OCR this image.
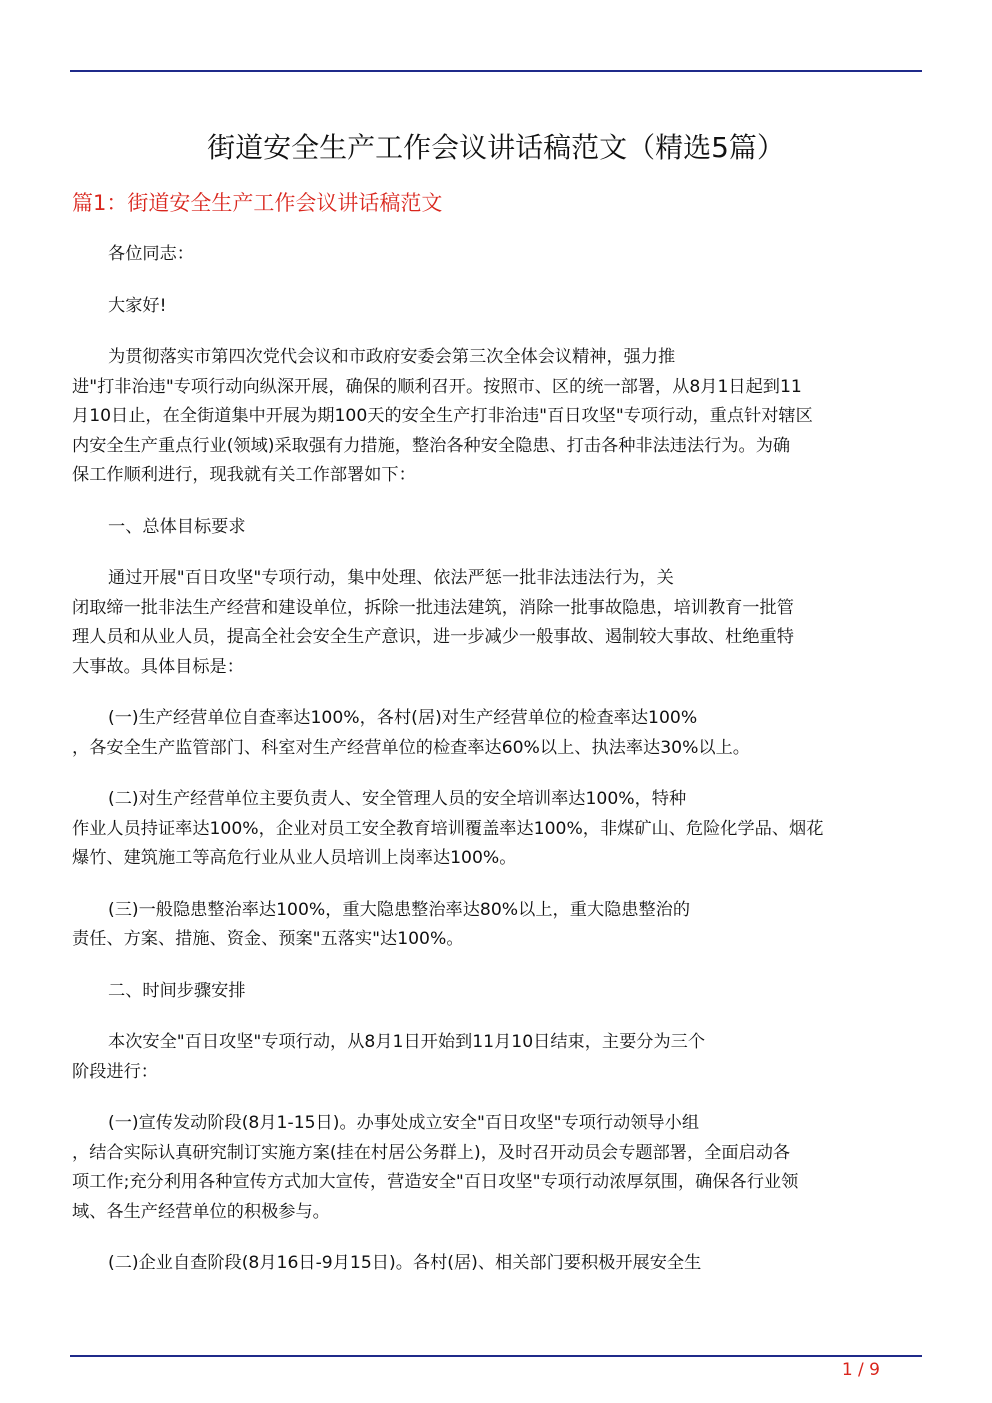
街道安全生产工作会议讲话稿范文（精选5篇）
篇1：街道安全生产工作会议讲话稿范文

各位同志：

大家好!

为贯彻落实市第四次党代会议和市政府安委会第三次全体会议精神，强力推
进"打非治违"专项行动向纵深开展，确保的顺利召开。按照市、区的统一部署，从8月1日起到11
月10日止，在全街道集中开展为期100天的安全生产打非治违"百日攻坚"专项行动，重点针对辖区
内安全生产重点行业(领域)采取强有力措施，整治各种安全隐患、打击各种非法违法行为。为确
保工作顺利进行，现我就有关工作部署如下：

一、总体目标要求

通过开展"百日攻坚"专项行动，集中处理、依法严惩一批非法违法行为，关
闭取缔一批非法生产经营和建设单位，拆除一批违法建筑，消除一批事故隐患，培训教育一批管
理人员和从业人员，提高全社会安全生产意识，进一步减少一般事故、遏制较大事故、杜绝重特
大事故。具体目标是：

(一)生产经营单位自查率达100%，各村(居)对生产经营单位的检查率达100%
，各安全生产监管部门、科室对生产经营单位的检查率达60%以上、执法率达30%以上。

(二)对生产经营单位主要负责人、安全管理人员的安全培训率达100%，特种
作业人员持证率达100%，企业对员工安全教育培训覆盖率达100%，非煤矿山、危险化学品、烟花
爆竹、建筑施工等高危行业从业人员培训上岗率达100%。

(三)一般隐患整治率达100%，重大隐患整治率达80%以上，重大隐患整治的
责任、方案、措施、资金、预案"五落实"达100%。

二、时间步骤安排

本次安全"百日攻坚"专项行动，从8月1日开始到11月10日结束，主要分为三个
阶段进行：

(一)宣传发动阶段(8月1-15日)。办事处成立安全"百日攻坚"专项行动领导小组
，结合实际认真研究制订实施方案(挂在村居公务群上)，及时召开动员会专题部署，全面启动各
项工作;充分利用各种宣传方式加大宣传，营造安全"百日攻坚"专项行动浓厚氛围，确保各行业领
域、各生产经营单位的积极参与。

(二)企业自查阶段(8月16日-9月15日)。各村(居)、相关部门要积极开展安全生

1 / 9
